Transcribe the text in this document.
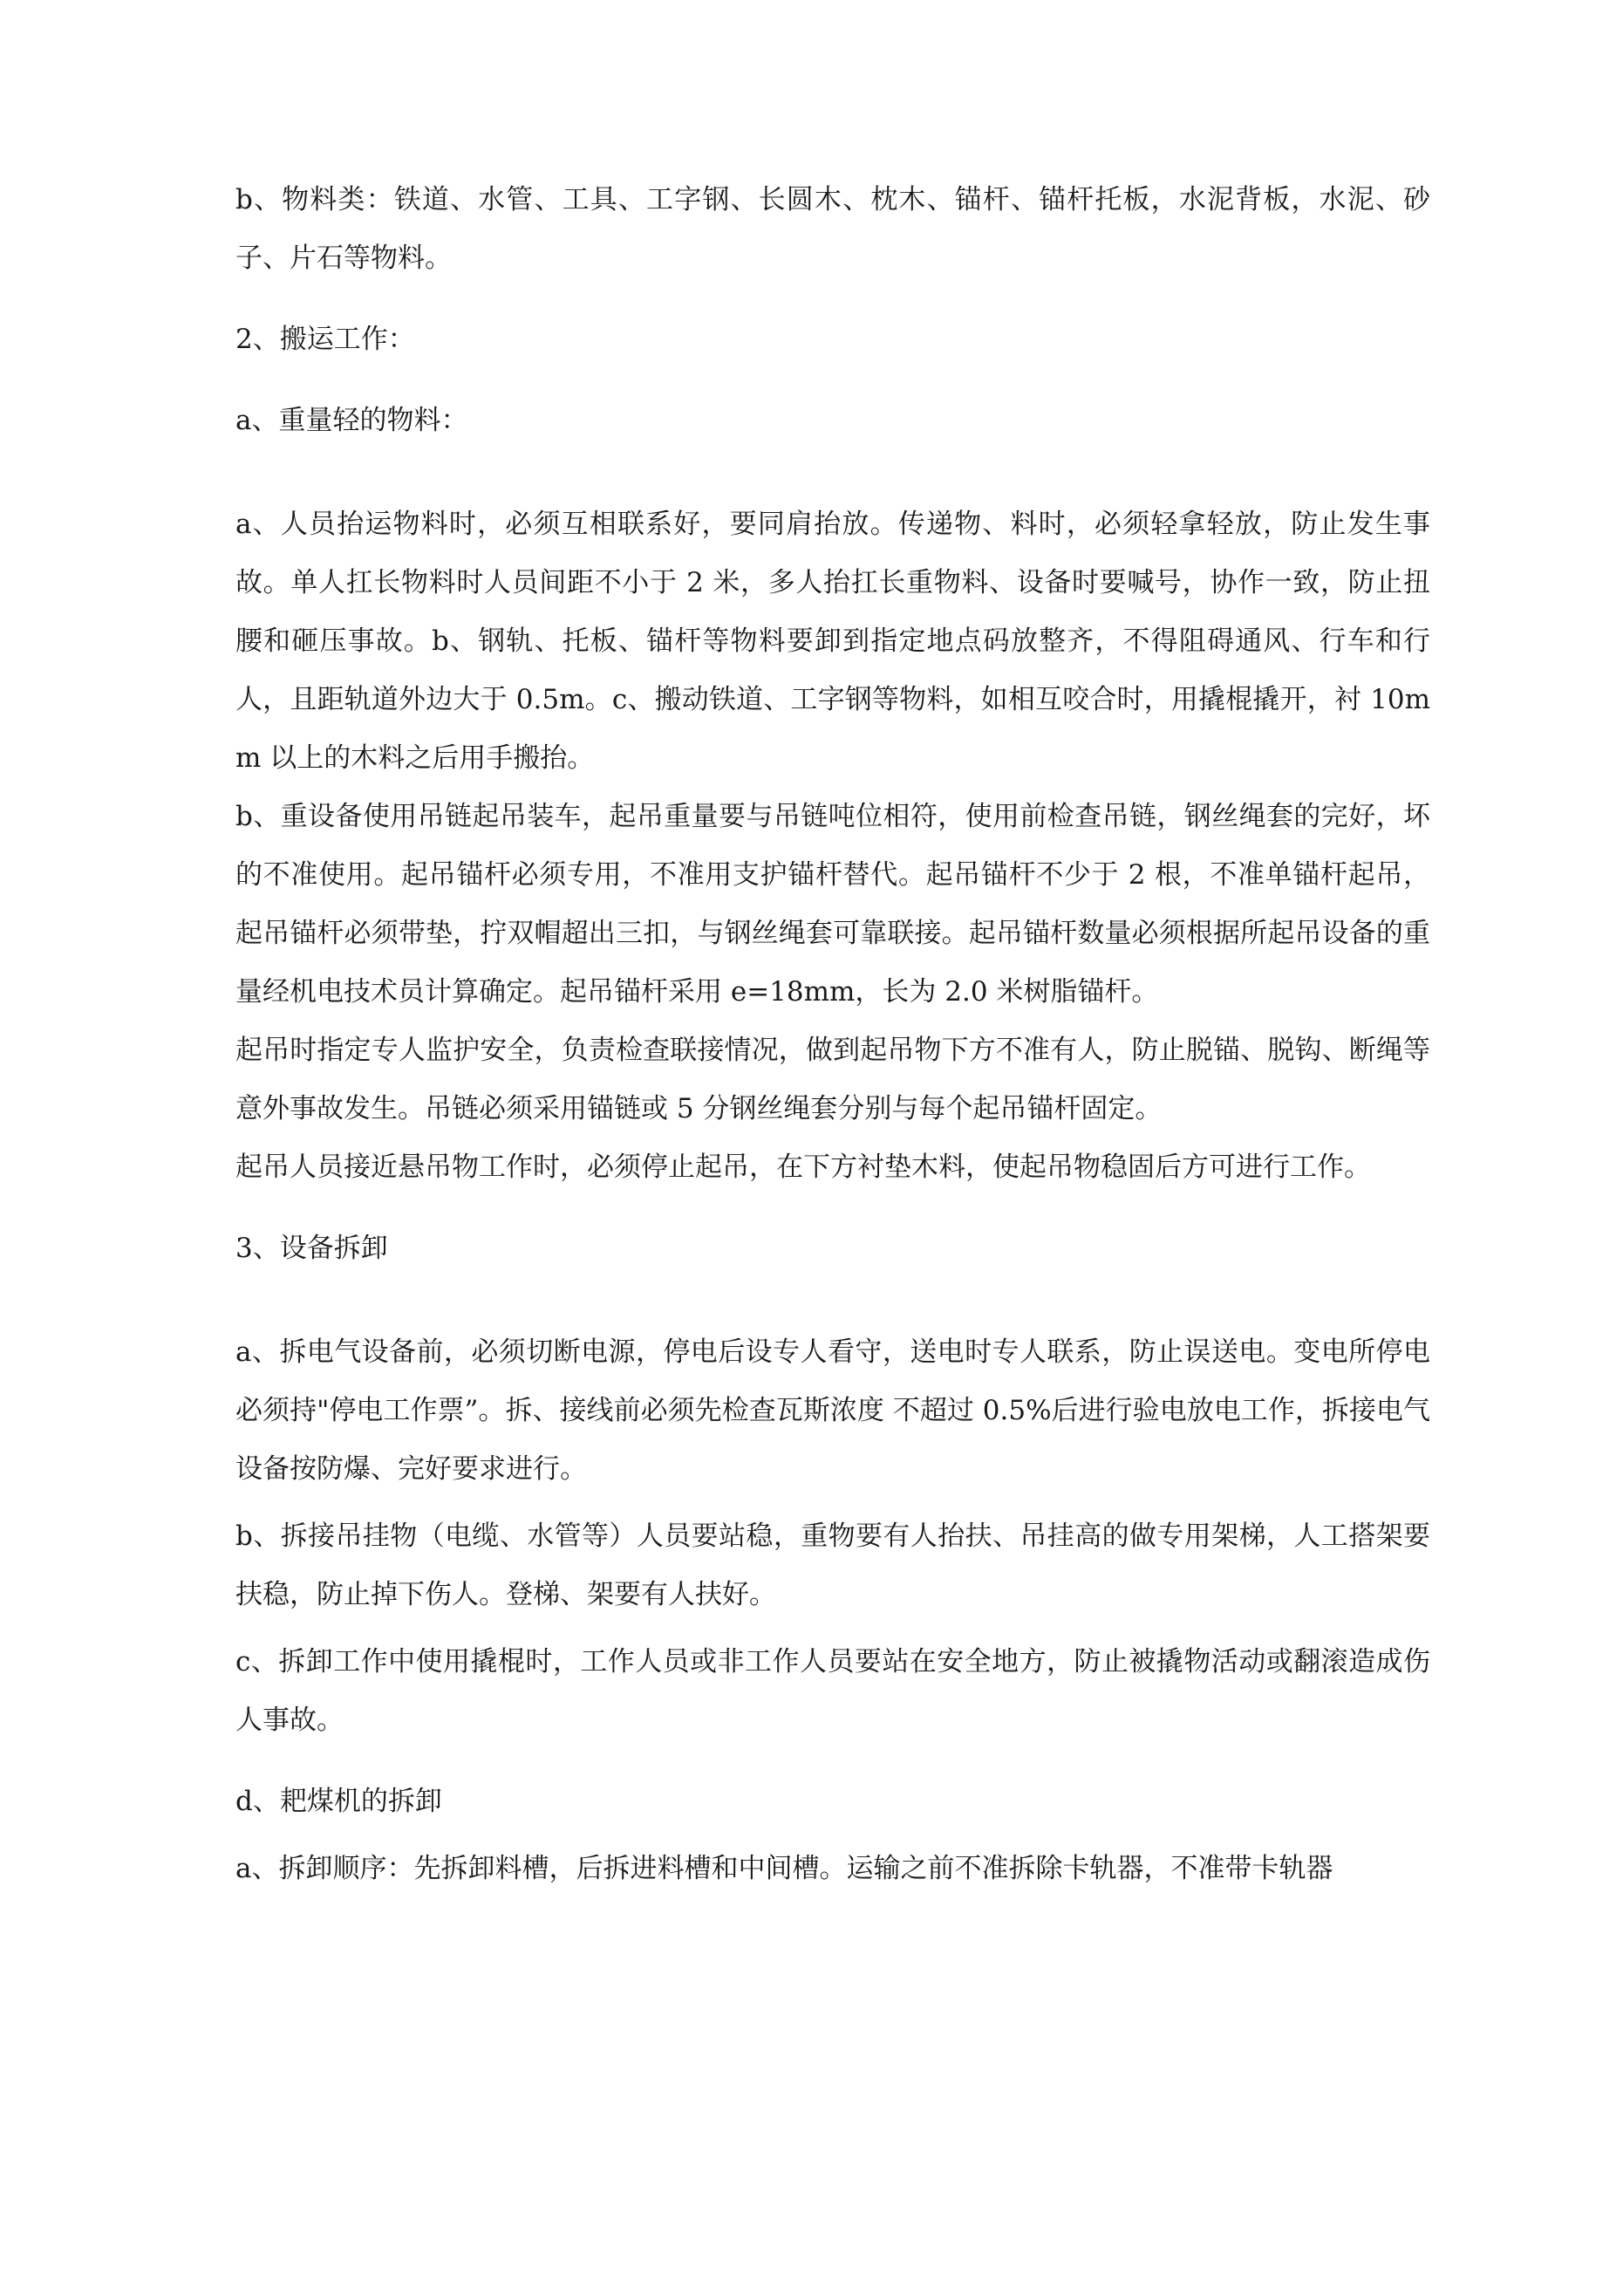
b、物料类：铁道、水管、工具、工字钢、长圆木、枕木、锚杆、锚杆托板，水泥背板，水泥、砂子、片石等物料。

2、搬运工作：

a、重量轻的物料：

a、人员抬运物料时，必须互相联系好，要同肩抬放。传递物、料时，必须轻拿轻放，防止发生事故。单人扛长物料时人员间距不小于 2 米，多人抬扛长重物料、设备时要喊号，协作一致，防止扭腰和砸压事故。b、钢轨、托板、锚杆等物料要卸到指定地点码放整齐，不得阻碍通风、行车和行人，且距轨道外边大于 0.5m。c、搬动铁道、工字钢等物料，如相互咬合时，用撬棍撬开，衬 10mm 以上的木料之后用手搬抬。

b、重设备使用吊链起吊装车，起吊重量要与吊链吨位相符，使用前检查吊链，钢丝绳套的完好，坏的不准使用。起吊锚杆必须专用，不准用支护锚杆替代。起吊锚杆不少于 2 根，不准单锚杆起吊，起吊锚杆必须带垫，拧双帽超出三扣，与钢丝绳套可靠联接。起吊锚杆数量必须根据所起吊设备的重量经机电技术员计算确定。起吊锚杆采用 e=18mm，长为 2.0 米树脂锚杆。

起吊时指定专人监护安全，负责检查联接情况，做到起吊物下方不准有人，防止脱锚、脱钩、断绳等意外事故发生。吊链必须采用锚链或 5 分钢丝绳套分别与每个起吊锚杆固定。

起吊人员接近悬吊物工作时，必须停止起吊，在下方衬垫木料，使起吊物稳固后方可进行工作。

3、设备拆卸

a、拆电气设备前，必须切断电源，停电后设专人看守，送电时专人联系，防止误送电。变电所停电必须持"停电工作票”。拆、接线前必须先检查瓦斯浓度 不超过 0.5%后进行验电放电工作，拆接电气设备按防爆、完好要求进行。

b、拆接吊挂物（电缆、水管等）人员要站稳，重物要有人抬扶、吊挂高的做专用架梯，人工搭架要扶稳，防止掉下伤人。登梯、架要有人扶好。

c、拆卸工作中使用撬棍时，工作人员或非工作人员要站在安全地方，防止被撬物活动或翻滚造成伤人事故。

d、耙煤机的拆卸

a、拆卸顺序：先拆卸料槽，后拆进料槽和中间槽。运输之前不准拆除卡轨器，不准带卡轨器
